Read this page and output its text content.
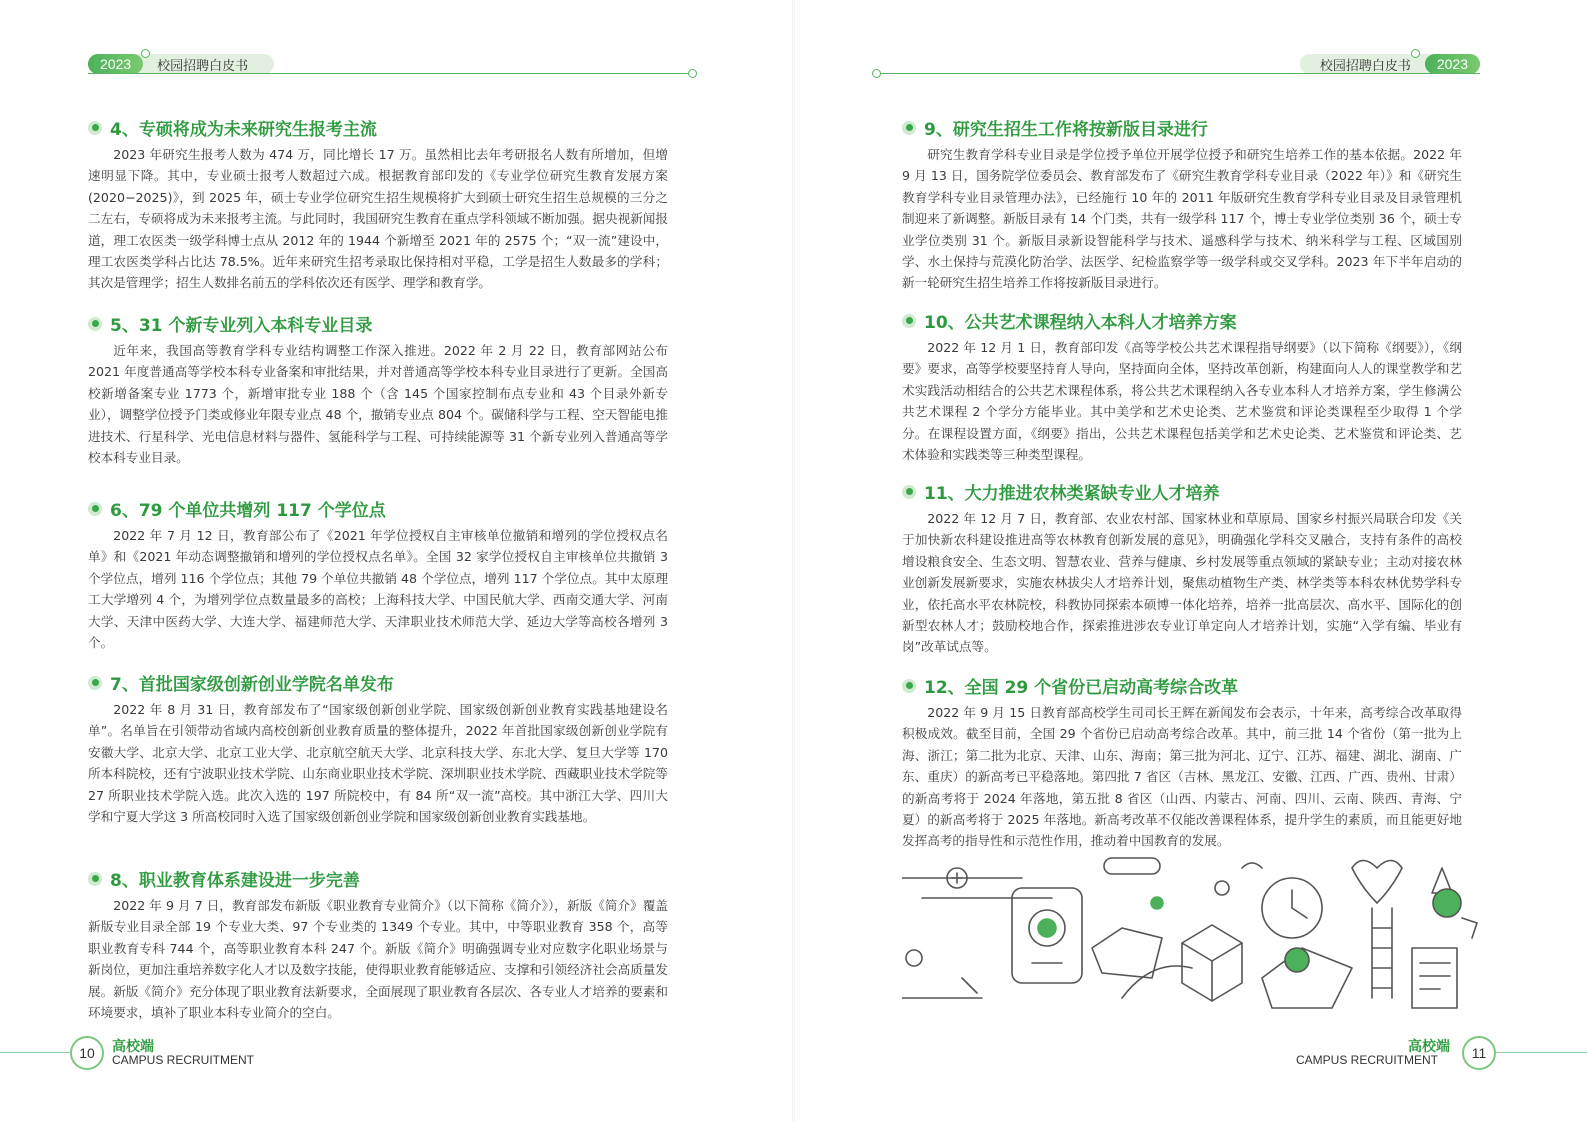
2023	校园招聘白皮书
4、专硕将成为未来研究生报考主流

2023 年研究生报考人数为 474 万，同比增长 17 万。虽然相比去年考研报名人数有所增加，但增速明显下降。其中，专业硕士报考人数超过六成。根据教育部印发的《专业学位研究生教育发展方案 (2020−2025)》，到 2025 年，硕士专业学位研究生招生规模将扩大到硕士研究生招生总规模的三分之二左右，专硕将成为未来报考主流。与此同时，我国研究生教育在重点学科领域不断加强。据央视新闻报道，理工农医类一级学科博士点从 2012 年的 1944 个新增至 2021 年的 2575 个；“双一流”建设中，理工农医类学科占比达 78.5%。近年来研究生招考录取比保持相对平稳，工学是招生人数最多的学科；其次是管理学；招生人数排名前五的学科依次还有医学、理学和教育学。

5、31 个新专业列入本科专业目录

近年来，我国高等教育学科专业结构调整工作深入推进。2022 年 2 月 22 日，教育部网站公布 2021 年度普通高等学校本科专业备案和审批结果，并对普通高等学校本科专业目录进行了更新。全国高校新增备案专业 1773 个，新增审批专业 188 个（含 145 个国家控制布点专业和 43 个目录外新专业），调整学位授予门类或修业年限专业点 48 个，撤销专业点 804 个。碳储科学与工程、空天智能电推进技术、行星科学、光电信息材料与器件、氢能科学与工程、可持续能源等 31 个新专业列入普通高等学校本科专业目录。

6、79 个单位共增列 117 个学位点

2022 年 7 月 12 日，教育部公布了《2021 年学位授权自主审核单位撤销和增列的学位授权点名单》和《2021 年动态调整撤销和增列的学位授权点名单》。全国 32 家学位授权自主审核单位共撤销 3 个学位点，增列 116 个学位点；其他 79 个单位共撤销 48 个学位点，增列 117 个学位点。其中太原理工大学增列 4 个，为增列学位点数量最多的高校；上海科技大学、中国民航大学、西南交通大学、河南大学、天津中医药大学、大连大学、福建师范大学、天津职业技术师范大学、延边大学等高校各增列 3 个。

7、首批国家级创新创业学院名单发布

2022 年 8 月 31 日，教育部发布了“国家级创新创业学院、国家级创新创业教育实践基地建设名单”。名单旨在引领带动省域内高校创新创业教育质量的整体提升，2022 年首批国家级创新创业学院有安徽大学、北京大学、北京工业大学、北京航空航天大学、北京科技大学、东北大学、复旦大学等 170 所本科院校，还有宁波职业技术学院、山东商业职业技术学院、深圳职业技术学院、西藏职业技术学院等 27 所职业技术学院入选。此次入选的 197 所院校中，有 84 所“双一流”高校。其中浙江大学、四川大学和宁夏大学这 3 所高校同时入选了国家级创新创业学院和国家级创新创业教育实践基地。

8、职业教育体系建设进一步完善

2022 年 9 月 7 日，教育部发布新版《职业教育专业简介》（以下简称《简介》），新版《简介》覆盖新版专业目录全部 19 个专业大类、97 个专业类的 1349 个专业。其中，中等职业教育 358 个，高等职业教育专科 744 个，高等职业教育本科 247 个。新版《简介》明确强调专业对应数字化职业场景与新岗位，更加注重培养数字化人才以及数字技能，使得职业教育能够适应、支撑和引领经济社会高质量发展。新版《简介》充分体现了职业教育法新要求，全面展现了职业教育各层次、各专业人才培养的要素和环境要求，填补了职业本科专业简介的空白。

10	高校端
CAMPUS RECRUITMENT
校园招聘白皮书	2023
9、研究生招生工作将按新版目录进行

研究生教育学科专业目录是学位授予单位开展学位授予和研究生培养工作的基本依据。2022 年 9 月 13 日，国务院学位委员会、教育部发布了《研究生教育学科专业目录（2022 年）》和《研究生教育学科专业目录管理办法》，已经施行 10 年的 2011 年版研究生教育学科专业目录及目录管理机制迎来了新调整。新版目录有 14 个门类，共有一级学科 117 个，博士专业学位类别 36 个，硕士专业学位类别 31 个。新版目录新设智能科学与技术、遥感科学与技术、纳米科学与工程、区域国别学、水土保持与荒漠化防治学、法医学、纪检监察学等一级学科或交叉学科。2023 年下半年启动的新一轮研究生招生培养工作将按新版目录进行。

10、公共艺术课程纳入本科人才培养方案

2022 年 12 月 1 日，教育部印发《高等学校公共艺术课程指导纲要》（以下简称《纲要》），《纲要》要求，高等学校要坚持育人导向，坚持面向全体，坚持改革创新，构建面向人人的课堂教学和艺术实践活动相结合的公共艺术课程体系，将公共艺术课程纳入各专业本科人才培养方案，学生修满公共艺术课程 2 个学分方能毕业。其中美学和艺术史论类、艺术鉴赏和评论类课程至少取得 1 个学分。在课程设置方面，《纲要》指出，公共艺术课程包括美学和艺术史论类、艺术鉴赏和评论类、艺术体验和实践类等三种类型课程。

11、大力推进农林类紧缺专业人才培养

2022 年 12 月 7 日，教育部、农业农村部、国家林业和草原局、国家乡村振兴局联合印发《关于加快新农科建设推进高等农林教育创新发展的意见》，明确强化学科交叉融合，支持有条件的高校增设粮食安全、生态文明、智慧农业、营养与健康、乡村发展等重点领域的紧缺专业；主动对接农林业创新发展新要求，实施农林拔尖人才培养计划，聚焦动植物生产类、林学类等本科农林优势学科专业，依托高水平农林院校，科教协同探索本硕博一体化培养，培养一批高层次、高水平、国际化的创新型农林人才；鼓励校地合作，探索推进涉农专业订单定向人才培养计划，实施“入学有编、毕业有岗”改革试点等。

12、全国 29 个省份已启动高考综合改革

2022 年 9 月 15 日教育部高校学生司司长王辉在新闻发布会表示，十年来，高考综合改革取得积极成效。截至目前，全国 29 个省份已启动高考综合改革。其中，前三批 14 个省份（第一批为上海、浙江；第二批为北京、天津、山东、海南；第三批为河北、辽宁、江苏、福建、湖北、湖南、广东、重庆）的新高考已平稳落地。第四批 7 省区（吉林、黑龙江、安徽、江西、广西、贵州、甘肃）的新高考将于 2024 年落地，第五批 8 省区（山西、内蒙古、河南、四川、云南、陕西、青海、宁夏）的新高考将于 2025 年落地。新高考改革不仅能改善课程体系，提升学生的素质，而且能更好地发挥高考的指导性和示范性作用，推动着中国教育的发展。

高校端
CAMPUS RECRUITMENT	11
